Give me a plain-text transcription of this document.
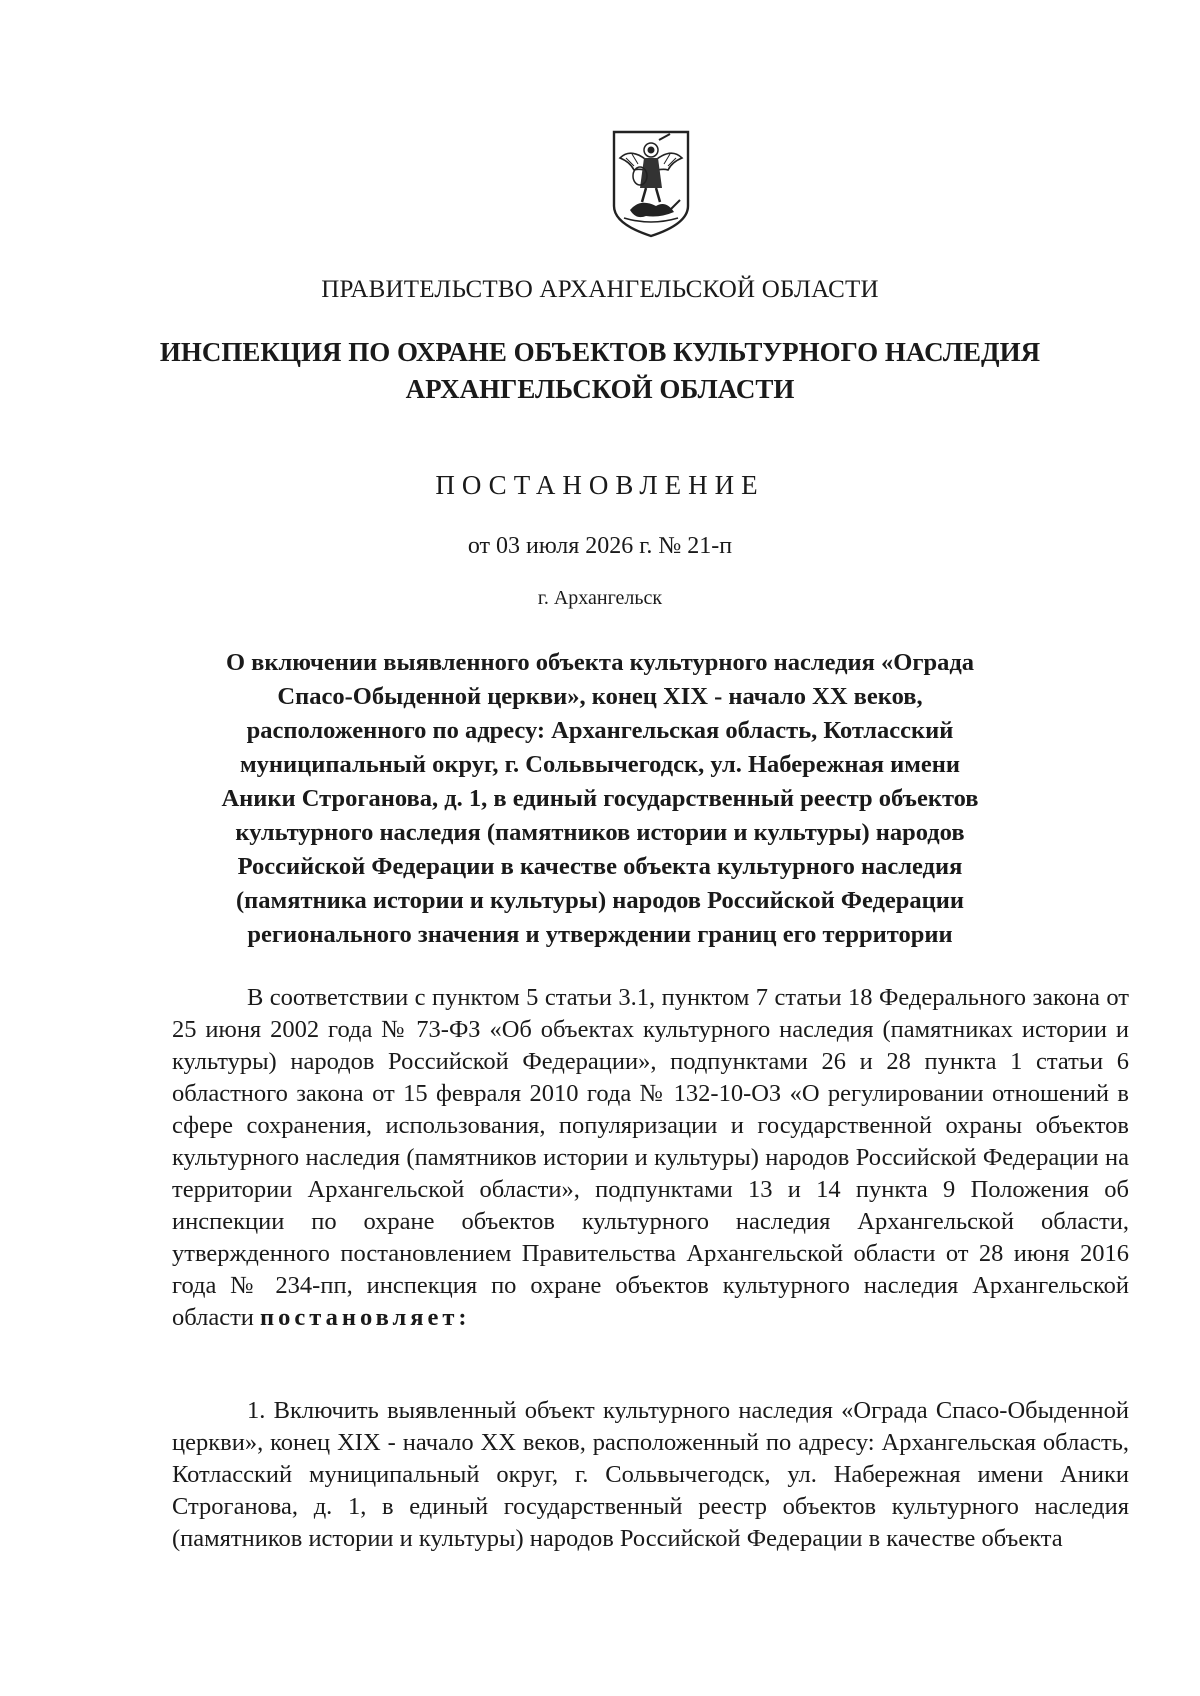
ПРАВИТЕЛЬСТВО АРХАНГЕЛЬСКОЙ ОБЛАСТИ
ИНСПЕКЦИЯ ПО ОХРАНЕ ОБЪЕКТОВ КУЛЬТУРНОГО НАСЛЕДИЯ
АРХАНГЕЛЬСКОЙ ОБЛАСТИ
ПОСТАНОВЛЕНИЕ
от 03 июля 2026 г. № 21-п
г. Архангельск
О включении выявленного объекта культурного наследия «Ограда Спасо-Обыденной церкви», конец XIX - начало XX веков, расположенного по адресу: Архангельская область, Котласский муниципальный округ, г. Сольвычегодск, ул. Набережная имени Аники Строганова, д. 1, в единый государственный реестр объектов культурного наследия (памятников истории и культуры) народов Российской Федерации в качестве объекта культурного наследия (памятника истории и культуры) народов Российской Федерации регионального значения и утверждении границ его территории
В соответствии с пунктом 5 статьи 3.1, пунктом 7 статьи 18 Федерального закона от 25 июня 2002 года № 73-ФЗ «Об объектах культурного наследия (памятниках истории и культуры) народов Российской Федерации», подпунктами 26 и 28 пункта 1 статьи 6 областного закона от 15 февраля 2010 года № 132-10-ОЗ «О регулировании отношений в сфере сохранения, использования, популяризации и государственной охраны объектов культурного наследия (памятников истории и культуры) народов Российской Федерации на территории Архангельской области», подпунктами 13 и 14 пункта 9 Положения об инспекции по охране объектов культурного наследия Архангельской области, утвержденного постановлением Правительства Архангельской области от 28 июня 2016 года № 234-пп, инспекция по охране объектов культурного наследия Архангельской области постановляет:
1. Включить выявленный объект культурного наследия «Ограда Спасо-Обыденной церкви», конец XIX - начало XX веков, расположенный по адресу: Архангельская область, Котласский муниципальный округ, г. Сольвычегодск, ул. Набережная имени Аники Строганова, д. 1, в единый государственный реестр объектов культурного наследия (памятников истории и культуры) народов Российской Федерации в качестве объекта
